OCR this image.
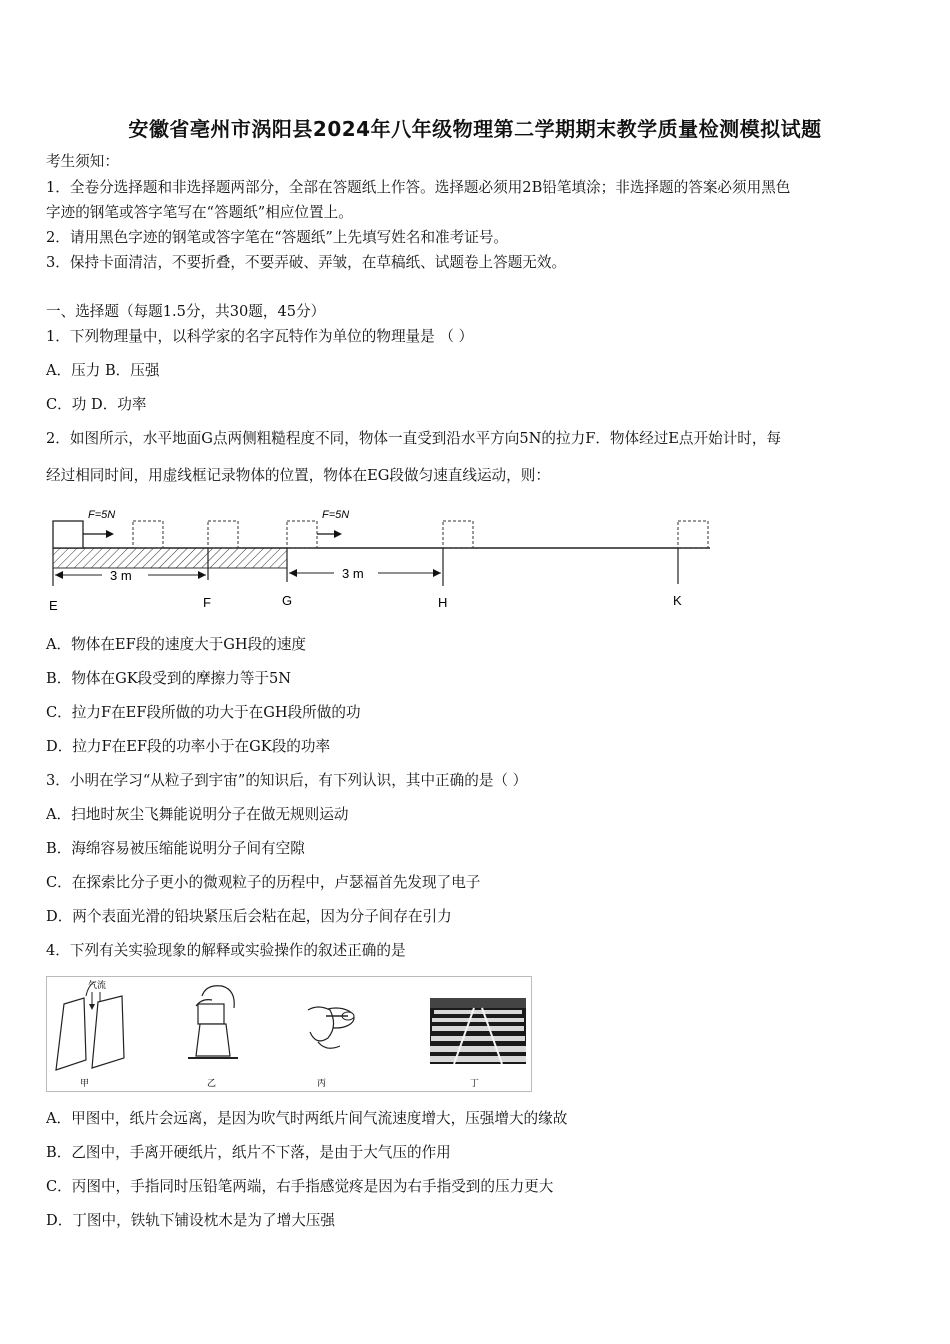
安徽省亳州市涡阳县2024年八年级物理第二学期期末教学质量检测模拟试题
考生须知：
1．全卷分选择题和非选择题两部分，全部在答题纸上作答。选择题必须用2B铅笔填涂；非选择题的答案必须用黑色
字迹的钢笔或答字笔写在“答题纸”相应位置上。
2．请用黑色字迹的钢笔或答字笔在“答题纸”上先填写姓名和准考证号。
3．保持卡面清洁，不要折叠，不要弄破、弄皱，在草稿纸、试题卷上答题无效。
一、选择题（每题1.5分，共30题，45分）
1．下列物理量中，以科学家的名字瓦特作为单位的物理量是 （ ）
A．压力 B．压强
C．功 D．功率
2．如图所示，水平地面G点两侧粗糙程度不同，物体一直受到沿水平方向5N的拉力F．物体经过E点开始计时，每
经过相同时间，用虚线框记录物体的位置，物体在EG段做匀速直线运动，则：
F=5N	F=5N
3 m	3 m
E	F	G	H	K
A．物体在EF段的速度大于GH段的速度
B．物体在GK段受到的摩擦力等于5N
C．拉力F在EF段所做的功大于在GH段所做的功
D．拉力F在EF段的功率小于在GK段的功率
3．小明在学习“从粒子到宇宙”的知识后，有下列认识，其中正确的是（ ）
A．扫地时灰尘飞舞能说明分子在做无规则运动
B．海绵容易被压缩能说明分子间有空隙
C．在探索比分子更小的微观粒子的历程中，卢瑟福首先发现了电子
D．两个表面光滑的铅块紧压后会粘在起，因为分子间存在引力
4．下列有关实验现象的解释或实验操作的叙述正确的是
气流
甲	乙	丙	丁
A．甲图中，纸片会远离，是因为吹气时两纸片间气流速度增大，压强增大的缘故
B．乙图中，手离开硬纸片，纸片不下落，是由于大气压的作用
C．丙图中，手指同时压铅笔两端，右手指感觉疼是因为右手指受到的压力更大
D．丁图中，铁轨下铺设枕木是为了增大压强
